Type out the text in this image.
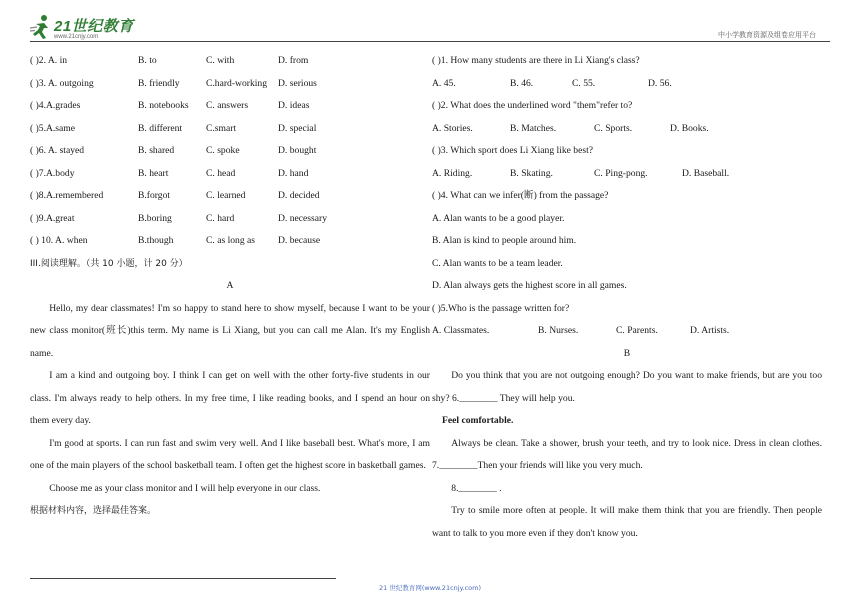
21世纪教育
www.21cnjy.com	中小学教育资源及组卷应用平台
( )2. A. in	B. to	C. with	D. from
( )3. A. outgoing	B. friendly	C.hard-working D. serious
( )4.A.grades	B. notebooks C. answers	D. ideas
( )5.A.same	B. different C.smart	D. special
( )6. A. stayed	B. shared	C. spoke	D. bought
( )7.A.body	B. heart	C. head	D. hand
( )8.A.remembered	B.forgot	C. learned	D. decided
( )9.A.great	B.boring	C. hard	D. necessary
( ) 10. A. when	B.though	C. as long as D. because
III.阅读理解。（共 10 小题，计 20 分）
A

Hello, my dear classmates! I'm so happy to stand here to show myself, because I want to be your new class monitor(班长)this term. My name is Li Xiang, but you can call me Alan. It's my English name.

I am a kind and outgoing boy. I think I can get on well with the other forty-five students in our class. I'm always ready to help others. In my free time, I like reading books, and I spend an hour on them every day.

I'm good at sports. I can run fast and swim very well. And I like baseball best. What's more, I am one of the main players of the school basketball team. I often get the highest score in basketball games.

Choose me as your class monitor and I will help everyone in our class.

根据材料内容，选择最佳答案。
( )1. How many students are there in Li Xiang's class?
A. 45.	B. 46.	C. 55.	D. 56.
( )2. What does the underlined word "them"refer to?
A. Stories.	B. Matches.	C. Sports.	D. Books.
( )3. Which sport does Li Xiang like best?
A. Riding.	B. Skating.	C. Ping-pong.	D. Baseball.
( )4. What can we infer(断) from the passage?
A. Alan wants to be a good player.
B. Alan is kind to people around him.
C. Alan wants to be a team leader.
D. Alan always gets the highest score in all games.
( )5.Who is the passage written for?
A. Classmates.	B. Nurses.	C. Parents.	D. Artists.
B

Do you think that you are not outgoing enough? Do you want to make friends, but are you too shy? 6.________ They will help you.

Feel comfortable.

Always be clean. Take a shower, brush your teeth, and try to look nice. Dress in clean clothes. 7.________Then your friends will like you very much.

8.________ .

Try to smile more often at people. It will make them think that you are friendly. Then people want to talk to you more even if they don't know you.

21 世纪教育网(www.21cnjy.com)
